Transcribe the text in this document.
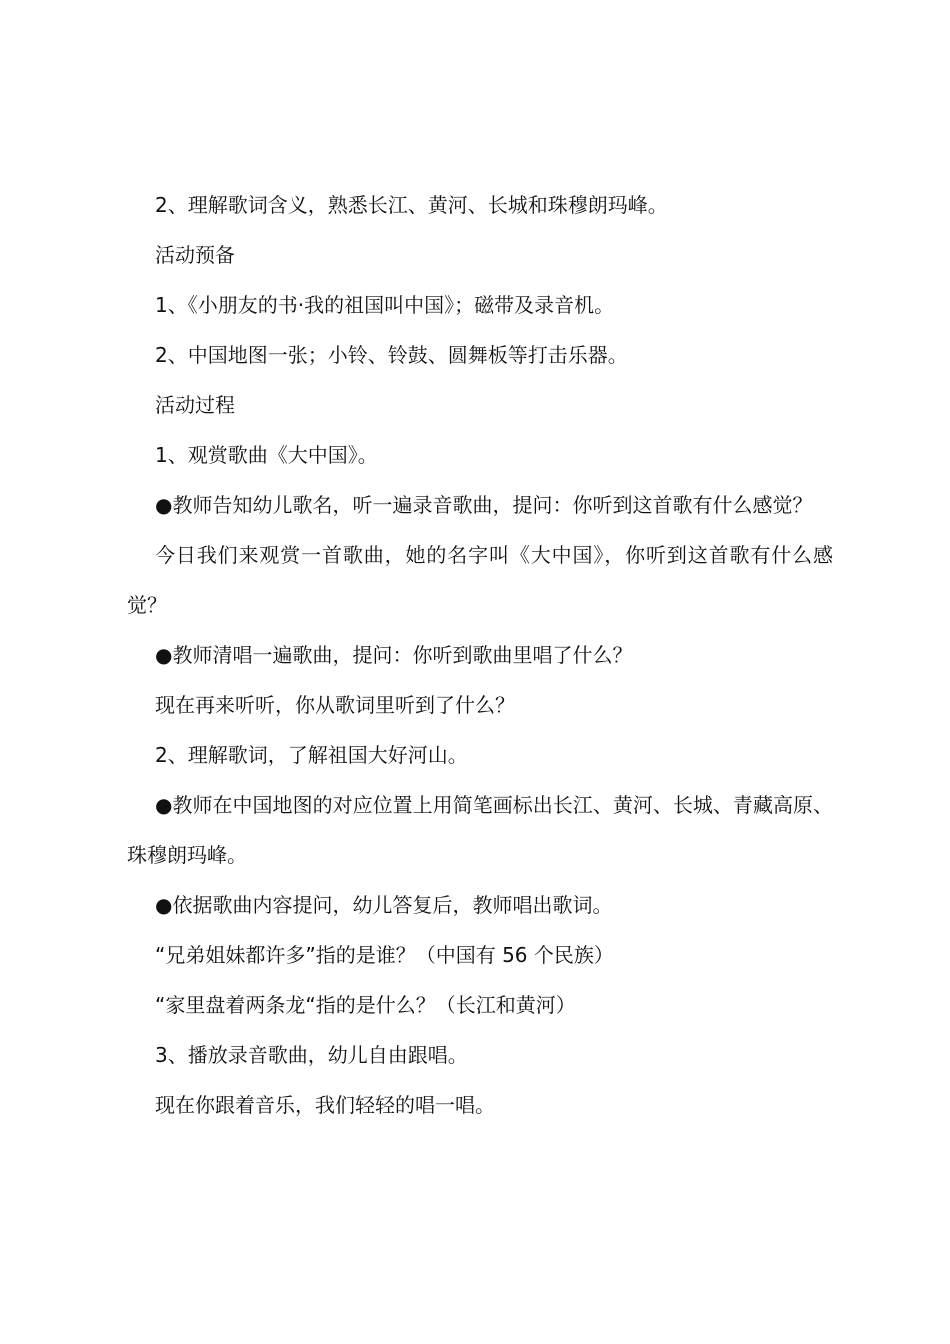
2、理解歌词含义，熟悉长江、黄河、长城和珠穆朗玛峰。

活动预备

1、《小朋友的书·我的祖国叫中国》；磁带及录音机。

2、中国地图一张；小铃、铃鼓、圆舞板等打击乐器。

活动过程

1、观赏歌曲《大中国》。

●教师告知幼儿歌名，听一遍录音歌曲，提问：你听到这首歌有什么感觉？

今日我们来观赏一首歌曲，她的名字叫《大中国》，你听到这首歌有什么感觉？

●教师清唱一遍歌曲，提问：你听到歌曲里唱了什么？

现在再来听听，你从歌词里听到了什么？

2、理解歌词，了解祖国大好河山。

●教师在中国地图的对应位置上用简笔画标出长江、黄河、长城、青藏高原、珠穆朗玛峰。

●依据歌曲内容提问，幼儿答复后，教师唱出歌词。

“兄弟姐妹都许多”指的是谁？（中国有 56 个民族）

“家里盘着两条龙“指的是什么？（长江和黄河）

3、播放录音歌曲，幼儿自由跟唱。

现在你跟着音乐，我们轻轻的唱一唱。
